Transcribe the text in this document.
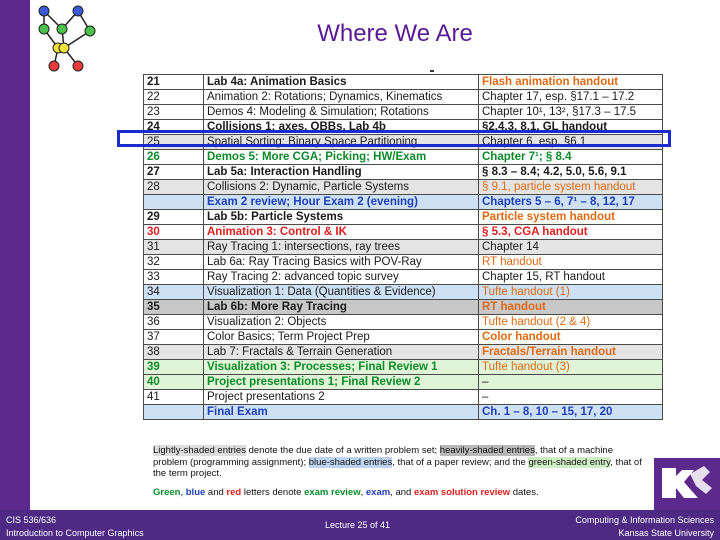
Where We Are
21	Lab 4a: Animation Basics	Flash animation handout
22	Animation 2: Rotations; Dynamics, Kinematics	Chapter 17, esp. §17.1 – 17.2
23	Demos 4: Modeling & Simulation; Rotations	Chapter 10¹, 13², §17.3 – 17.5
24	Collisions 1: axes, OBBs, Lab 4b	§2.4.3, 8.1, GL handout
25	Spatial Sorting: Binary Space Partitioning	Chapter 6, esp. §6.1
26	Demos 5: More CGA; Picking; HW/Exam	Chapter 7¹; § 8.4
27	Lab 5a: Interaction Handling	§ 8.3 – 8.4; 4.2, 5.0, 5.6, 9.1
28	Collisions 2: Dynamic, Particle Systems	§ 9.1, particle system handout
	Exam 2 review; Hour Exam 2 (evening)	Chapters 5 – 6, 7¹ – 8, 12, 17
29	Lab 5b: Particle Systems	Particle system handout
30	Animation 3: Control & IK	§ 5.3, CGA handout
31	Ray Tracing 1: intersections, ray trees	Chapter 14
32	Lab 6a: Ray Tracing Basics with POV-Ray	RT handout
33	Ray Tracing 2: advanced topic survey	Chapter 15, RT handout
34	Visualization 1: Data (Quantities & Evidence)	Tufte handout (1)
35	Lab 6b: More Ray Tracing	RT handout
36	Visualization 2: Objects	Tufte handout (2 & 4)
37	Color Basics; Term Project Prep	Color handout
38	Lab 7: Fractals & Terrain Generation	Fractals/Terrain handout
39	Visualization 3: Processes; Final Review 1	Tufte handout (3)
40	Project presentations 1; Final Review 2	–
41	Project presentations 2	–
	Final Exam	Ch. 1 – 8, 10 – 15, 17, 20

Lightly-shaded entries denote the due date of a written problem set; heavily-shaded entries, that of a machine problem (programming assignment); blue-shaded entries, that of a paper review; and the green-shaded entry, that of the term project.

Green, blue and red letters denote exam review, exam, and exam solution review dates.

CIS 536/636
Introduction to Computer Graphics
Lecture 25 of 41	Computing & Information Sciences
Kansas State University
